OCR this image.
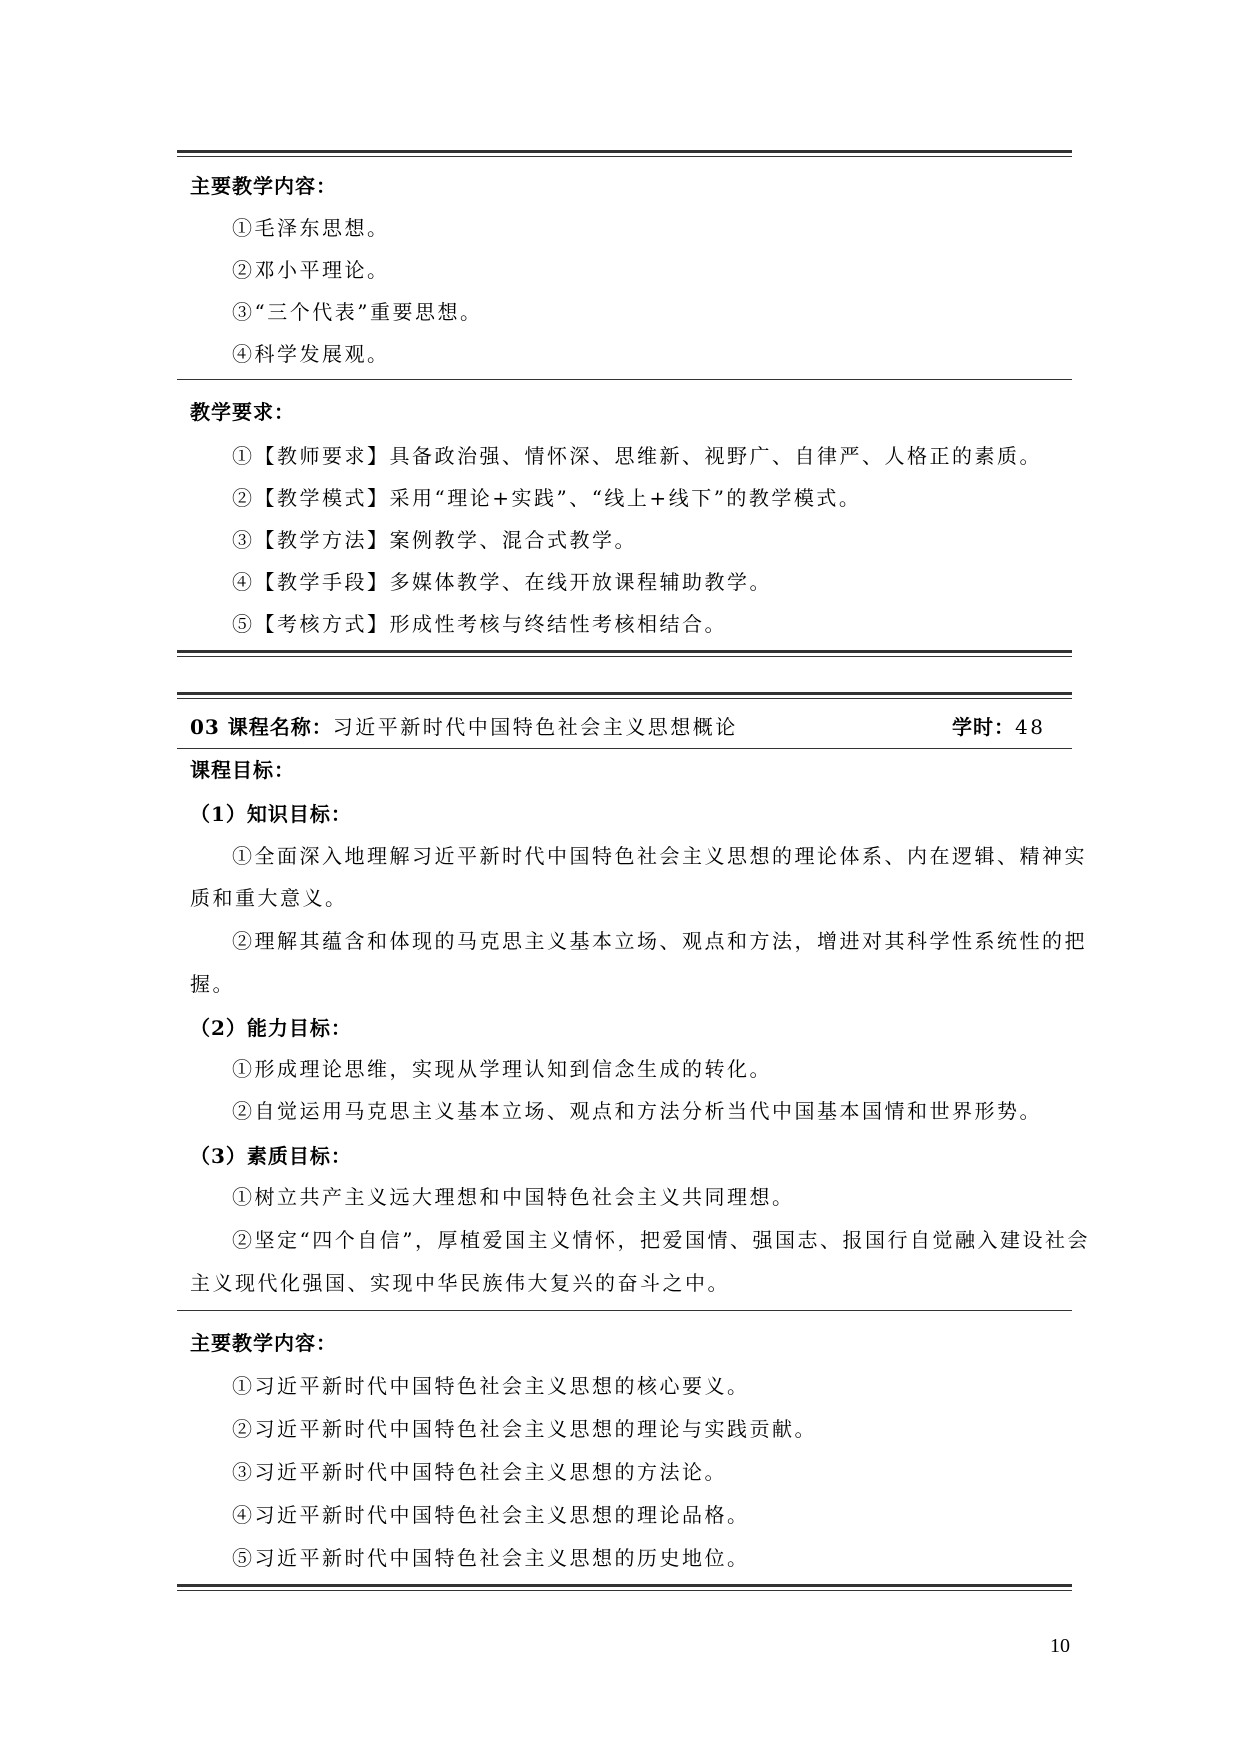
主要教学内容：
①毛泽东思想。
②邓小平理论。
③“三个代表”重要思想。
④科学发展观。
教学要求：
①【教师要求】具备政治强、情怀深、思维新、视野广、自律严、人格正的素质。
②【教学模式】采用“理论+实践”、“线上+线下”的教学模式。
③【教学方法】案例教学、混合式教学。
④【教学手段】多媒体教学、在线开放课程辅助教学。
⑤【考核方式】形成性考核与终结性考核相结合。
03 课程名称：习近平新时代中国特色社会主义思想概论	学时：48
课程目标：
（1）知识目标：
①全面深入地理解习近平新时代中国特色社会主义思想的理论体系、内在逻辑、精神实
质和重大意义。
②理解其蕴含和体现的马克思主义基本立场、观点和方法，增进对其科学性系统性的把
握。
（2）能力目标：
①形成理论思维，实现从学理认知到信念生成的转化。
②自觉运用马克思主义基本立场、观点和方法分析当代中国基本国情和世界形势。
（3）素质目标：
①树立共产主义远大理想和中国特色社会主义共同理想。
②坚定“四个自信”，厚植爱国主义情怀，把爱国情、强国志、报国行自觉融入建设社会
主义现代化强国、实现中华民族伟大复兴的奋斗之中。
主要教学内容：
①习近平新时代中国特色社会主义思想的核心要义。
②习近平新时代中国特色社会主义思想的理论与实践贡献。
③习近平新时代中国特色社会主义思想的方法论。
④习近平新时代中国特色社会主义思想的理论品格。
⑤习近平新时代中国特色社会主义思想的历史地位。
10
